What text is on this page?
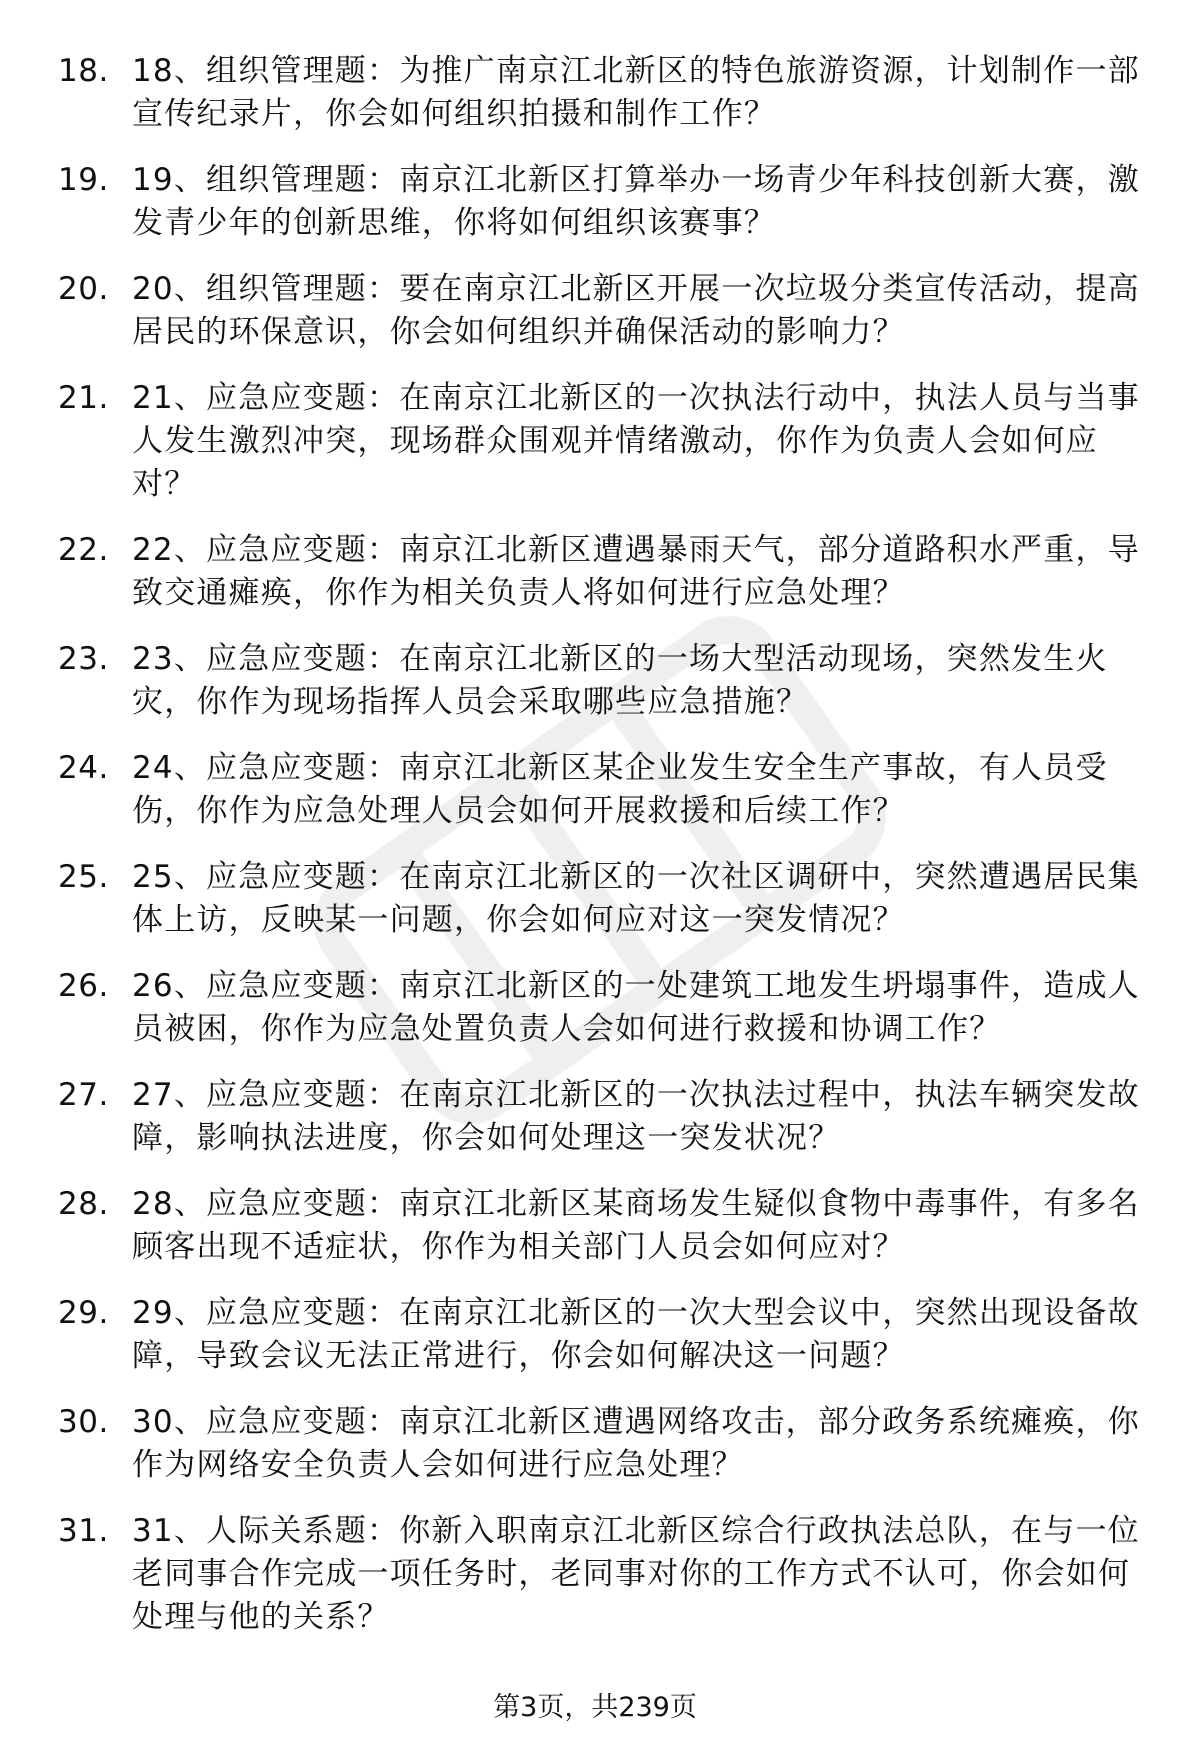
18. 18、组织管理题：为推广南京江北新区的特色旅游资源，计划制作一部宣传纪录片，你会如何组织拍摄和制作工作？
19. 19、组织管理题：南京江北新区打算举办一场青少年科技创新大赛，激发青少年的创新思维，你将如何组织该赛事？
20. 20、组织管理题：要在南京江北新区开展一次垃圾分类宣传活动，提高居民的环保意识，你会如何组织并确保活动的影响力？
21. 21、应急应变题：在南京江北新区的一次执法行动中，执法人员与当事人发生激烈冲突，现场群众围观并情绪激动，你作为负责人会如何应对？
22. 22、应急应变题：南京江北新区遭遇暴雨天气，部分道路积水严重，导致交通瘫痪，你作为相关负责人将如何进行应急处理？
23. 23、应急应变题：在南京江北新区的一场大型活动现场，突然发生火灾，你作为现场指挥人员会采取哪些应急措施？
24. 24、应急应变题：南京江北新区某企业发生安全生产事故，有人员受伤，你作为应急处理人员会如何开展救援和后续工作？
25. 25、应急应变题：在南京江北新区的一次社区调研中，突然遭遇居民集体上访，反映某一问题，你会如何应对这一突发情况？
26. 26、应急应变题：南京江北新区的一处建筑工地发生坍塌事件，造成人员被困，你作为应急处置负责人会如何进行救援和协调工作？
27. 27、应急应变题：在南京江北新区的一次执法过程中，执法车辆突发故障，影响执法进度，你会如何处理这一突发状况？
28. 28、应急应变题：南京江北新区某商场发生疑似食物中毒事件，有多名顾客出现不适症状，你作为相关部门人员会如何应对？
29. 29、应急应变题：在南京江北新区的一次大型会议中，突然出现设备故障，导致会议无法正常进行，你会如何解决这一问题？
30. 30、应急应变题：南京江北新区遭遇网络攻击，部分政务系统瘫痪，你作为网络安全负责人会如何进行应急处理？
31. 31、人际关系题：你新入职南京江北新区综合行政执法总队，在与一位老同事合作完成一项任务时，老同事对你的工作方式不认可，你会如何处理与他的关系？
第3页，共239页
